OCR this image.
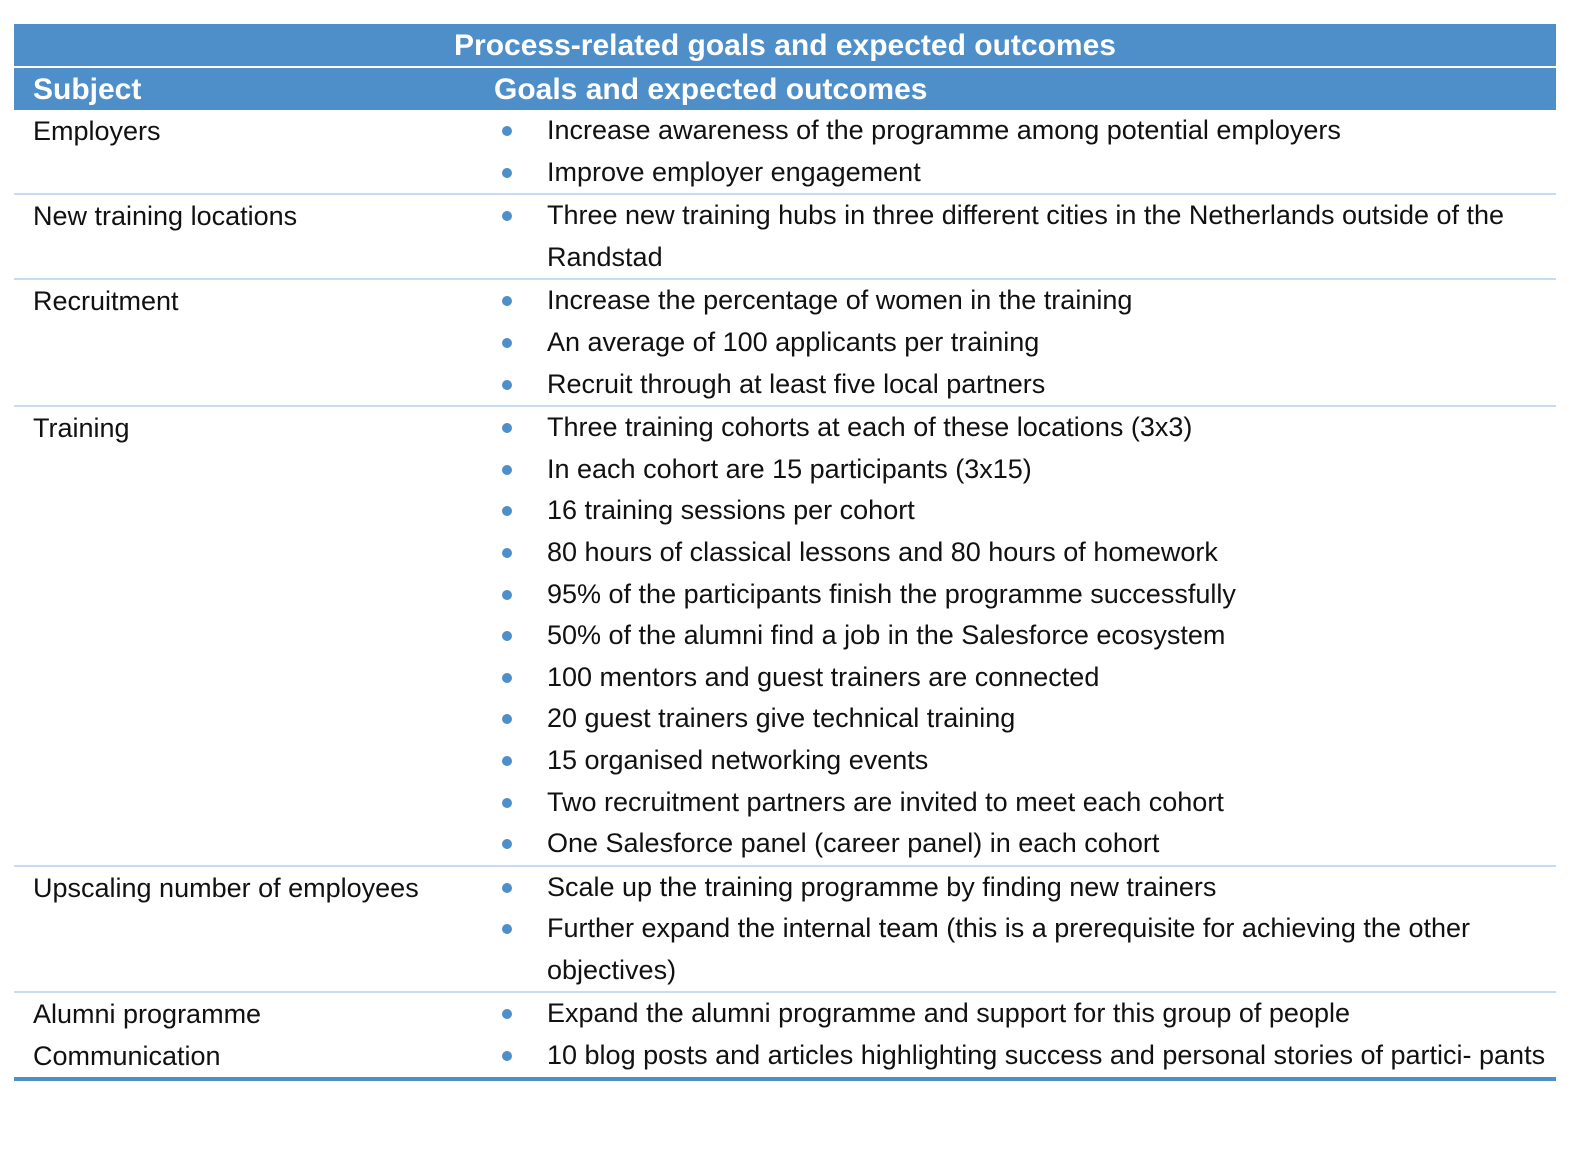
Process-related goals and expected outcomes
Subject	Goals and expected outcomes
Employers	Increase awareness of the programme among potential employers
Improve employer engagement
New training locations	Three new training hubs in three different cities in the Netherlands outside of the Randstad
Recruitment	Increase the percentage of women in the training
An average of 100 applicants per training
Recruit through at least five local partners
Training	Three training cohorts at each of these locations (3x3)
In each cohort are 15 participants (3x15)
16 training sessions per cohort
80 hours of classical lessons and 80 hours of homework
95% of the participants finish the programme successfully
50% of the alumni find a job in the Salesforce ecosystem
100 mentors and guest trainers are connected
20 guest trainers give technical training
15 organised networking events
Two recruitment partners are invited to meet each cohort
One Salesforce panel (career panel) in each cohort
Upscaling number of employees	Scale up the training programme by finding new trainers
Further expand the internal team (this is a prerequisite for achieving the other objectives)
Alumni programme	Expand the alumni programme and support for this group of people
Communication	10 blog posts and articles highlighting success and personal stories of partici- pants
